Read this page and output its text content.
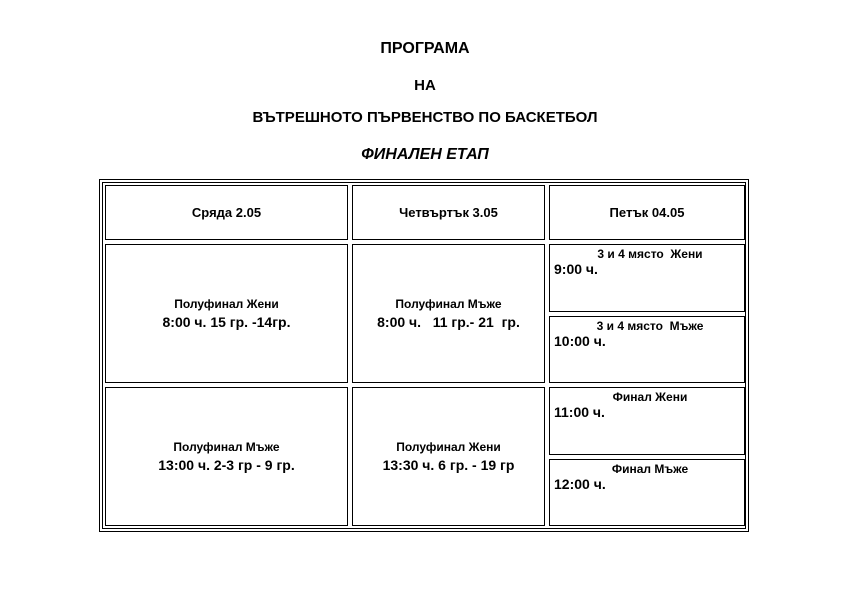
ПРОГРАМА
НА
ВЪТРЕШНОТО ПЪРВЕНСТВО ПО БАСКЕТБОЛ
ФИНАЛЕН ЕТАП
Сряда 2.05	Четвъртък 3.05	Петък 04.05
Полуфинал Жени
8:00 ч. 15 гр. -14гр.
Полуфинал Мъже
13:00 ч. 2-3 гр - 9 гр.
Полуфинал Мъже
8:00 ч.   11 гр.- 21  гр.
Полуфинал Жени
13:30 ч. 6 гр. - 19 гр
3 и 4 място  Жени
9:00 ч.
3 и 4 място  Мъже
10:00 ч.
Финал Жени
11:00 ч.
Финал Мъже
12:00 ч.
